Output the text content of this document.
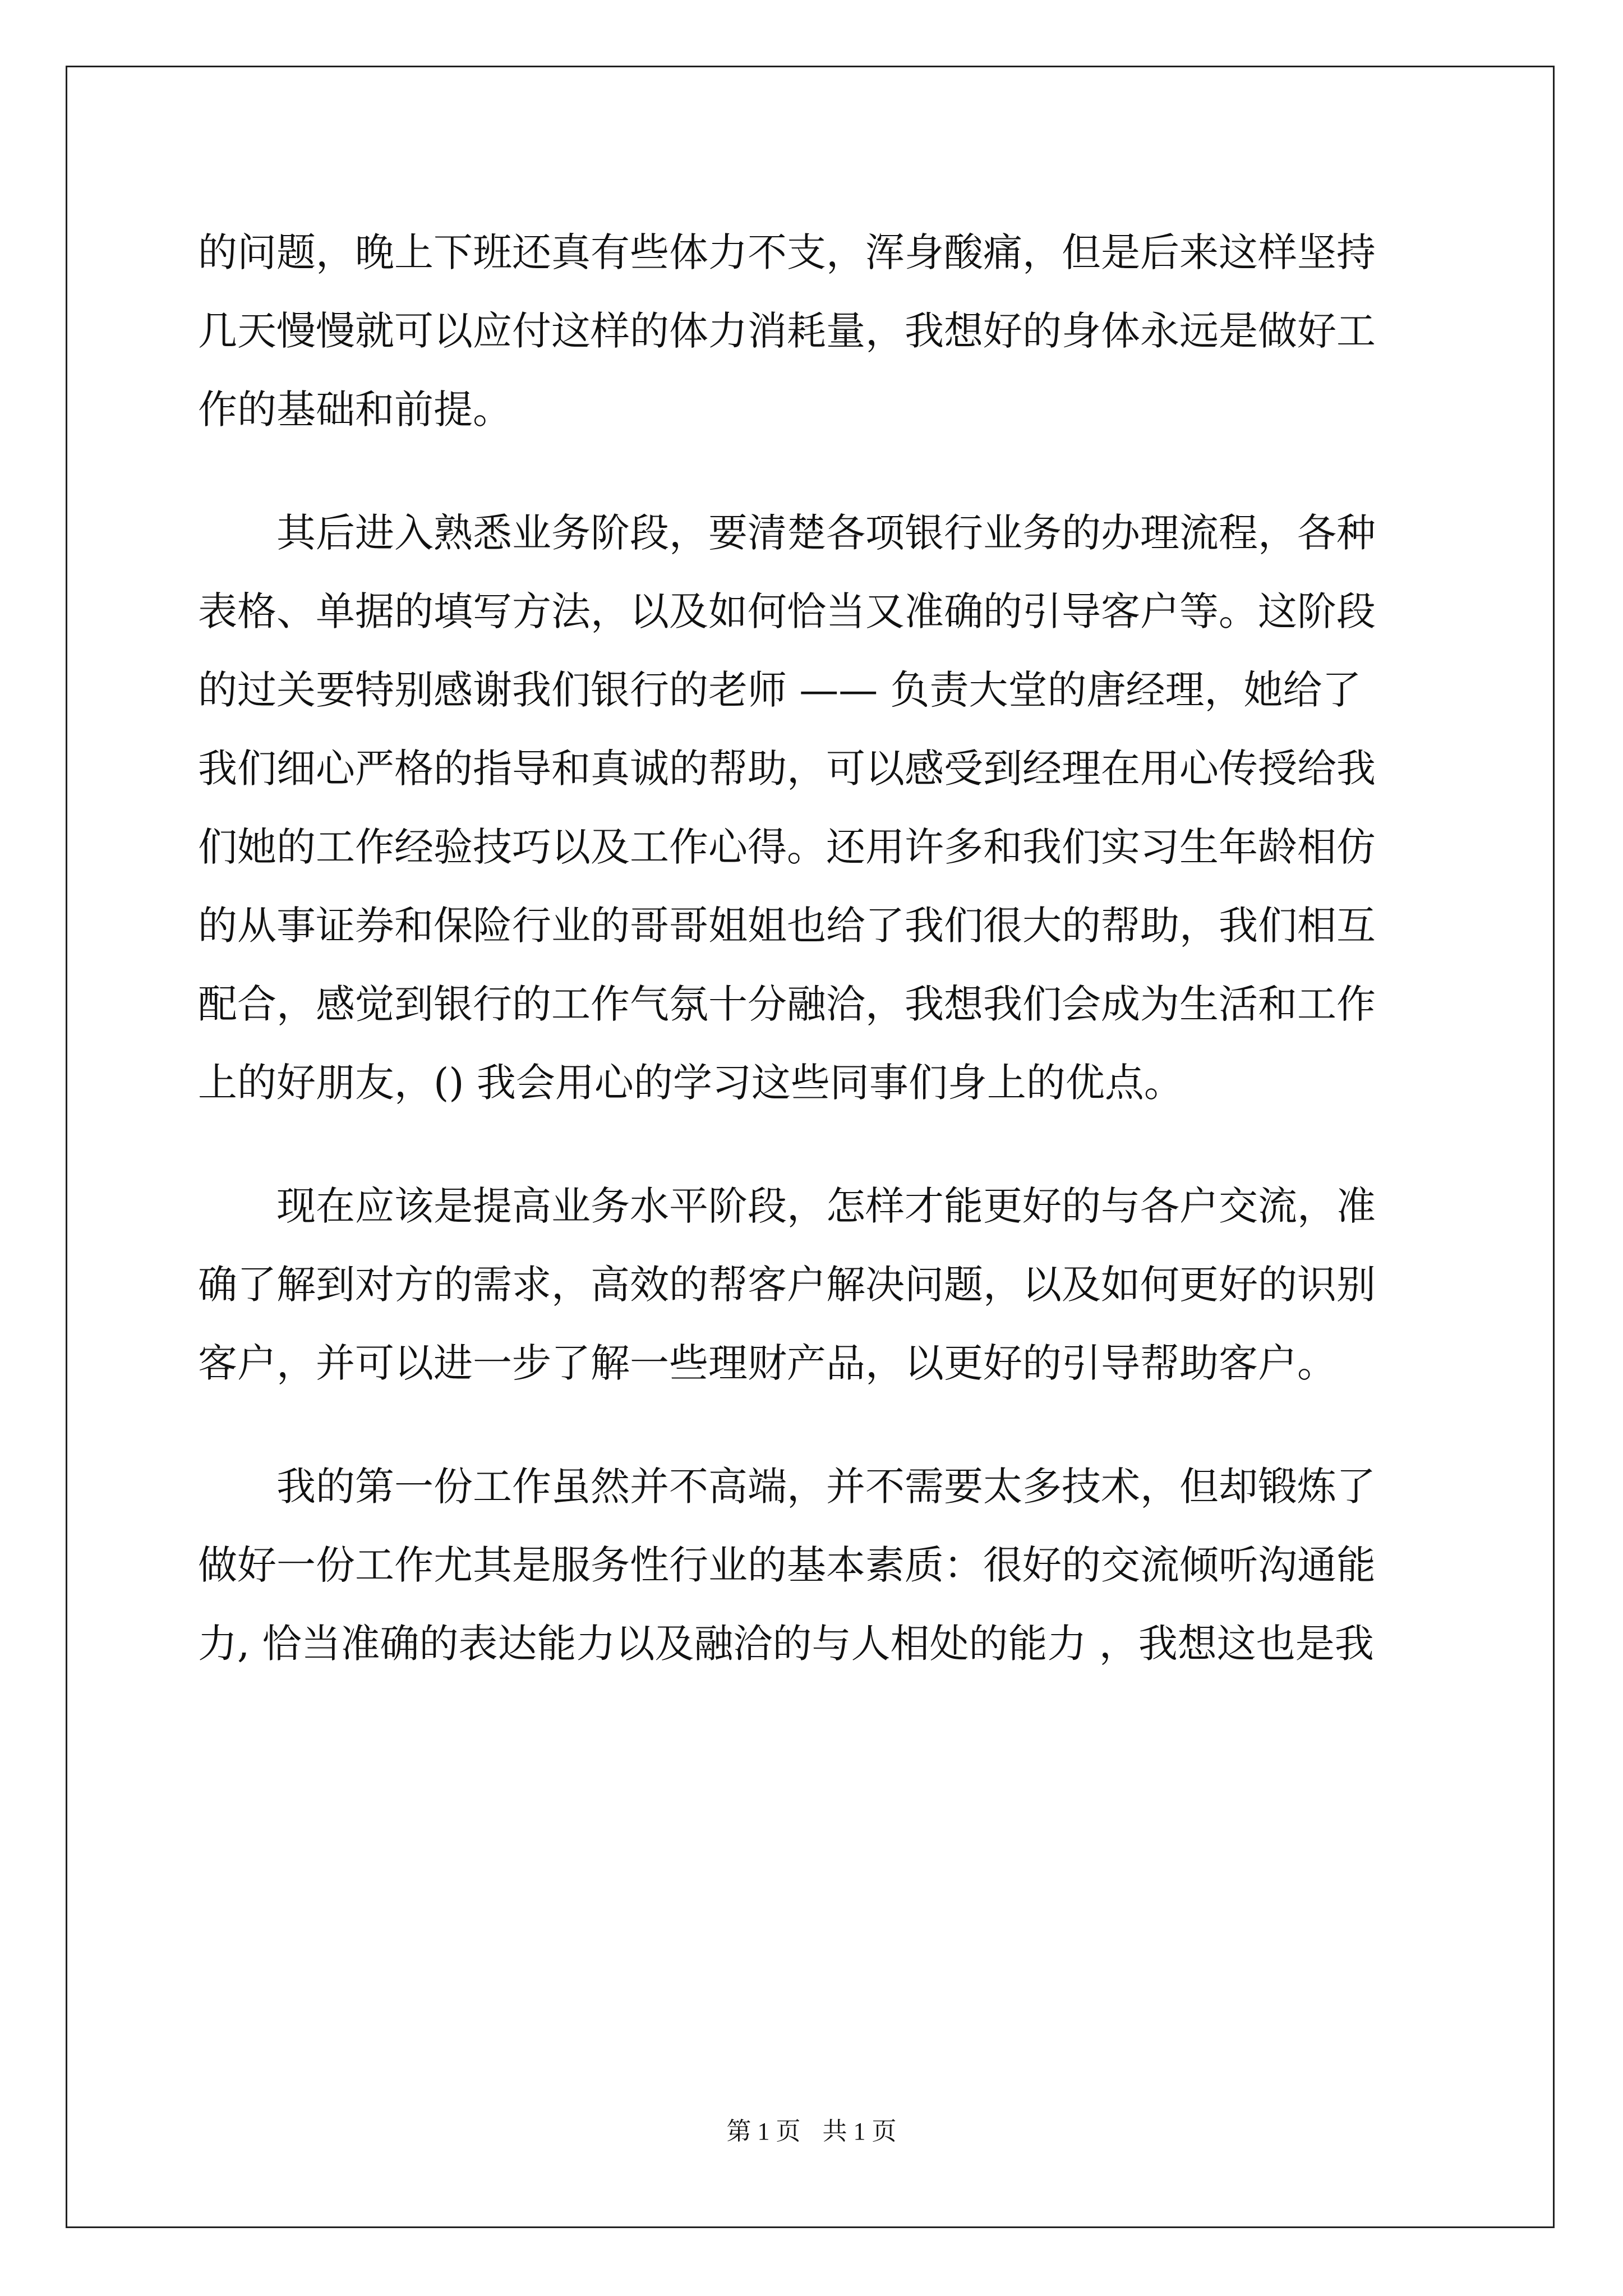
的问题，晚上下班还真有些体力不支，浑身酸痛，但是后来这样坚持
几天慢慢就可以应付这样的体力消耗量，我想好的身体永远是做好工
作的基础和前提。
其后进入熟悉业务阶段，要清楚各项银行业务的办理流程，各种
表格、单据的填写方法，以及如何恰当又准确的引导客户等。这阶段
的过关要特别感谢我们银行的老师 —— 负责大堂的唐经理，她给了
我们细心严格的指导和真诚的帮助，可以感受到经理在用心传授给我
们她的工作经验技巧以及工作心得。还用许多和我们实习生年龄相仿
的从事证券和保险行业的哥哥姐姐也给了我们很大的帮助，我们相互
配合，感觉到银行的工作气氛十分融洽，我想我们会成为生活和工作
上的好朋友，() 我会用心的学习这些同事们身上的优点。
现在应该是提高业务水平阶段，怎样才能更好的与各户交流，准
确了解到对方的需求，高效的帮客户解决问题，以及如何更好的识别
客户，并可以进一步了解一些理财产品，以更好的引导帮助客户。
我的第一份工作虽然并不高端，并不需要太多技术，但却锻炼了
做好一份工作尤其是服务性行业的基本素质：很好的交流倾听沟通能
力, 恰当准确的表达能力以及融洽的与人相处的能力 ，我想这也是我
第 1 页 共 1 页
